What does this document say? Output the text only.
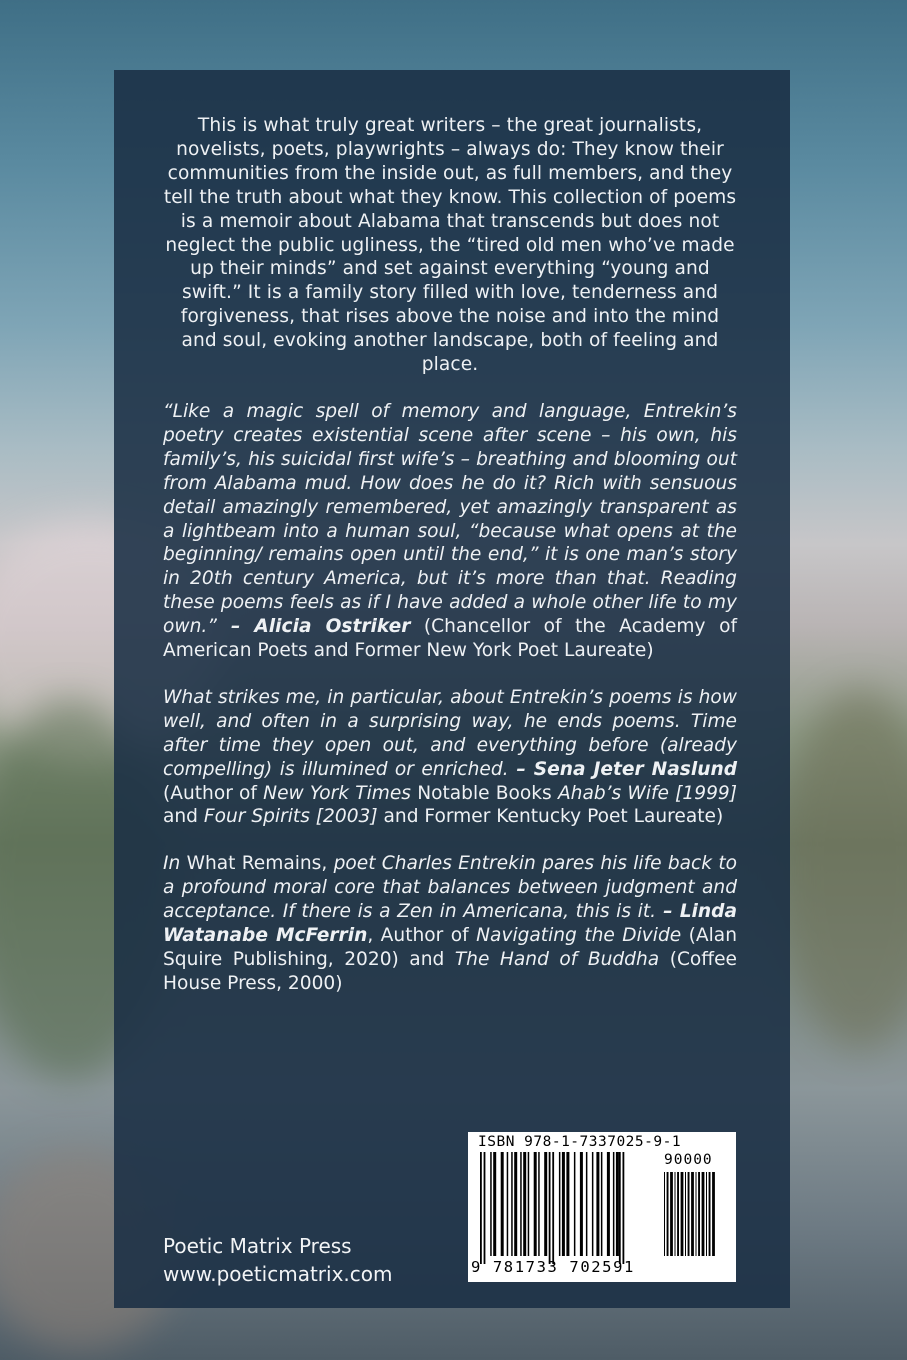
This is what truly great writers – the great journalists, novelists, poets, playwrights – always do: They know their communities from the inside out, as full members, and they tell the truth about what they know. This collection of poems is a memoir about Alabama that transcends but does not neglect the public ugliness, the “tired old men who’ve made up their minds” and set against everything “young and swift.” It is a family story filled with love, tenderness and forgiveness, that rises above the noise and into the mind and soul, evoking another landscape, both of feeling and place.

“Like a magic spell of memory and language, Entrekin’s poetry creates existential scene after scene – his own, his family’s, his suicidal first wife’s – breathing and blooming out from Alabama mud. How does he do it? Rich with sensuous detail amazingly remembered, yet amazingly transparent as a lightbeam into a human soul, “because what opens at the beginning/ remains open until the end,” it is one man’s story in 20th century America, but it’s more than that. Reading these poems feels as if I have added a whole other life to my own.” – Alicia Ostriker (Chancellor of the Academy of American Poets and Former New York Poet Laureate)

What strikes me, in particular, about Entrekin’s poems is how well, and often in a surprising way, he ends poems. Time after time they open out, and everything before (already compelling) is illumined or enriched. – Sena Jeter Naslund (Author of New York Times Notable Books Ahab’s Wife [1999] and Four Spirits [2003] and Former Kentucky Poet Laureate)

In What Remains, poet Charles Entrekin pares his life back to a profound moral core that balances between judgment and acceptance. If there is a Zen in Americana, this is it. – Linda Watanabe McFerrin, Author of Navigating the Divide (Alan Squire Publishing, 2020) and The Hand of Buddha (Coffee House Press, 2000)

Poetic Matrix Press
www.poeticmatrix.com
ISBN 978-1-7337025-9-1
90000
9 781733 702591
